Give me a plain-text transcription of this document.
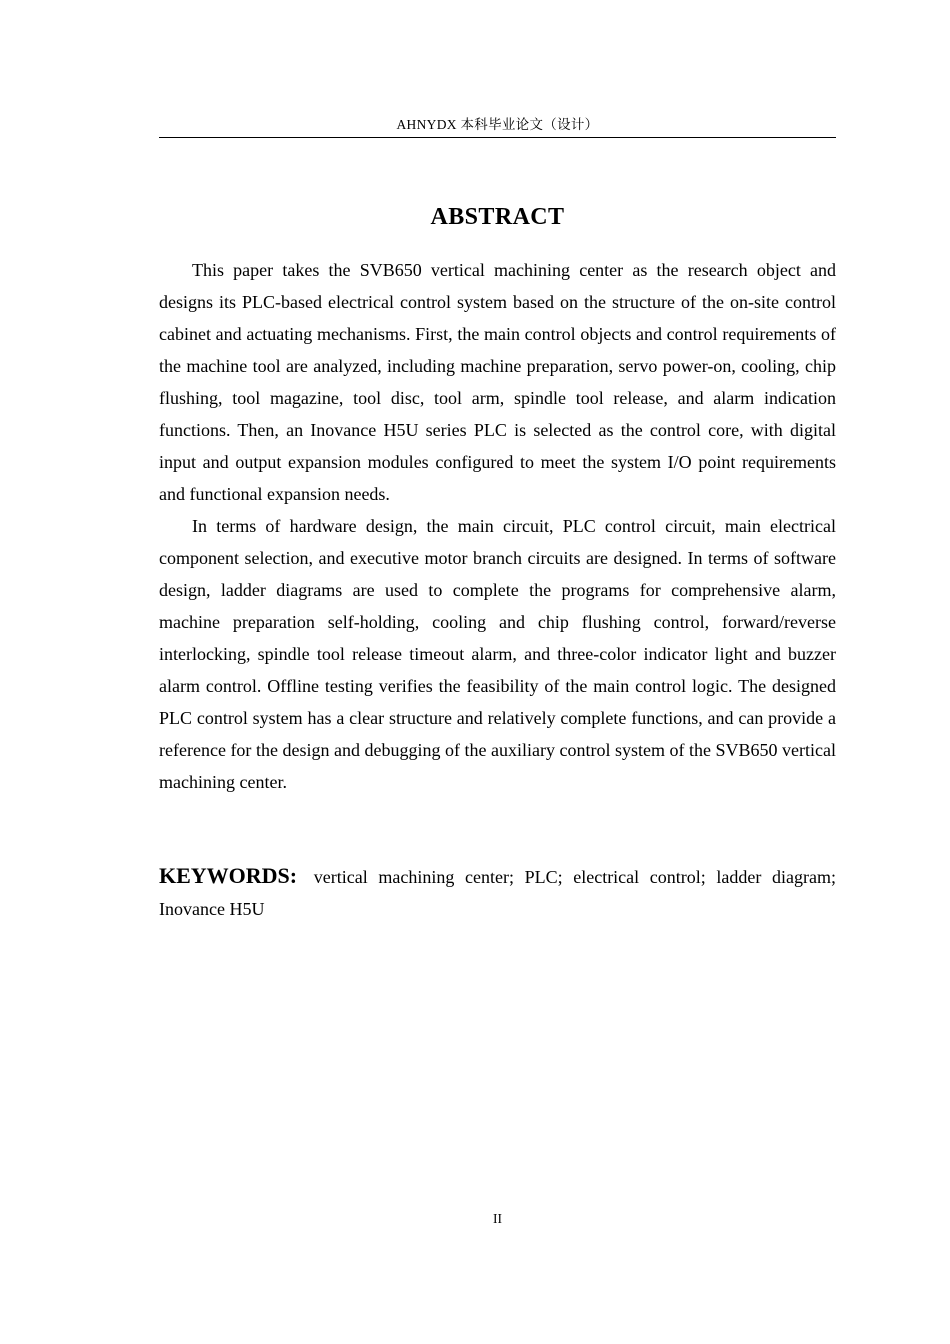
AHNYDX 本科毕业论文（设计）
ABSTRACT

This paper takes the SVB650 vertical machining center as the research object and designs its PLC-based electrical control system based on the structure of the on-site control cabinet and actuating mechanisms. First, the main control objects and control requirements of the machine tool are analyzed, including machine preparation, servo power-on, cooling, chip flushing, tool magazine, tool disc, tool arm, spindle tool release, and alarm indication functions. Then, an Inovance H5U series PLC is selected as the control core, with digital input and output expansion modules configured to meet the system I/O point requirements and functional expansion needs.

In terms of hardware design, the main circuit, PLC control circuit, main electrical component selection, and executive motor branch circuits are designed. In terms of software design, ladder diagrams are used to complete the programs for comprehensive alarm, machine preparation self-holding, cooling and chip flushing control, forward/reverse interlocking, spindle tool release timeout alarm, and three-color indicator light and buzzer alarm control. Offline testing verifies the feasibility of the main control logic. The designed PLC control system has a clear structure and relatively complete functions, and can provide a reference for the design and debugging of the auxiliary control system of the SVB650 vertical machining center.

KEYWORDS: vertical machining center; PLC; electrical control; ladder diagram; Inovance H5U
II
